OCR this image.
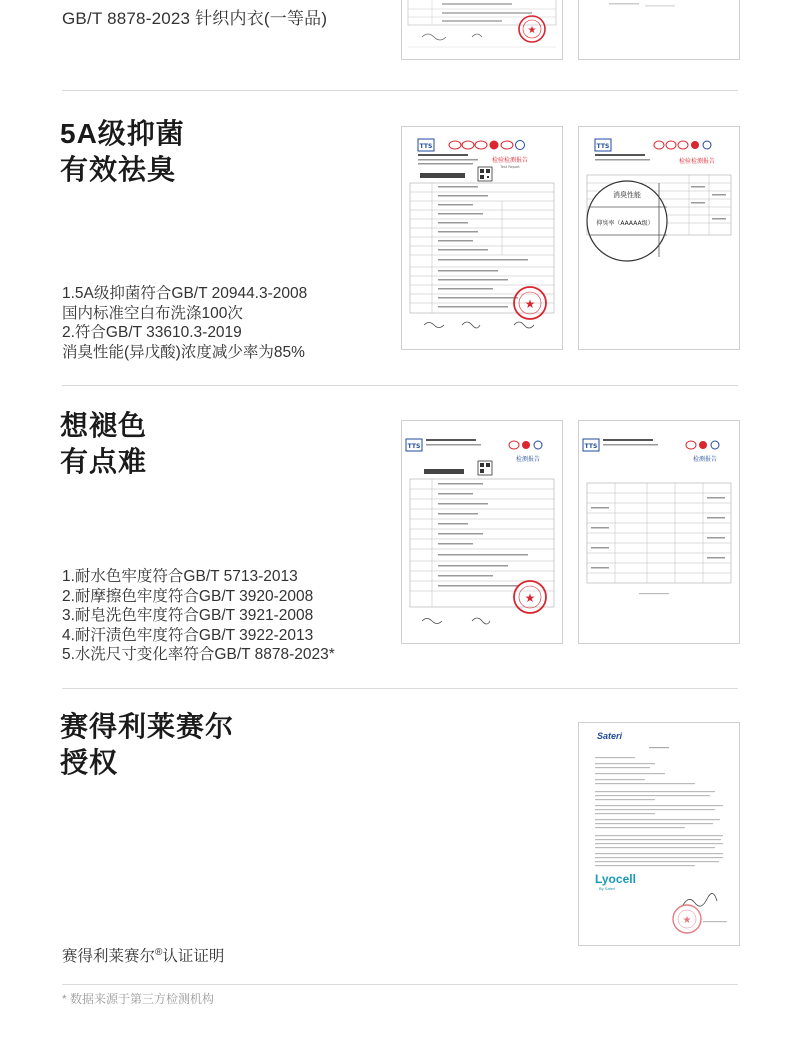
GB/T 8878-2023 针织内衣(一等品)
★
5A级抑菌
有效祛臭
1.5A级抑菌符合GB/T 20944.3-2008
国内标准空白布洗涤100次
2.符合GB/T 33610.3-2019
消臭性能(异戊酸)浓度减少率为85%
TTS
检验检测报告
Test Report
★
TTS
检验检测报告
消臭性能
抑臭率（AAAAA级）
想褪色
有点难
1.耐水色牢度符合GB/T 5713-2013
2.耐摩擦色牢度符合GB/T 3920-2008
3.耐皂洗色牢度符合GB/T 3921-2008
4.耐汗渍色牢度符合GB/T 3922-2013
5.水洗尺寸变化率符合GB/T 8878-2023*
TTS
检测报告
★
TTS
检测报告
赛得利莱赛尔
授权
赛得利莱赛尔®认证证明
Sateri
Lyocell
By Sateri
★
* 数据来源于第三方检测机构
